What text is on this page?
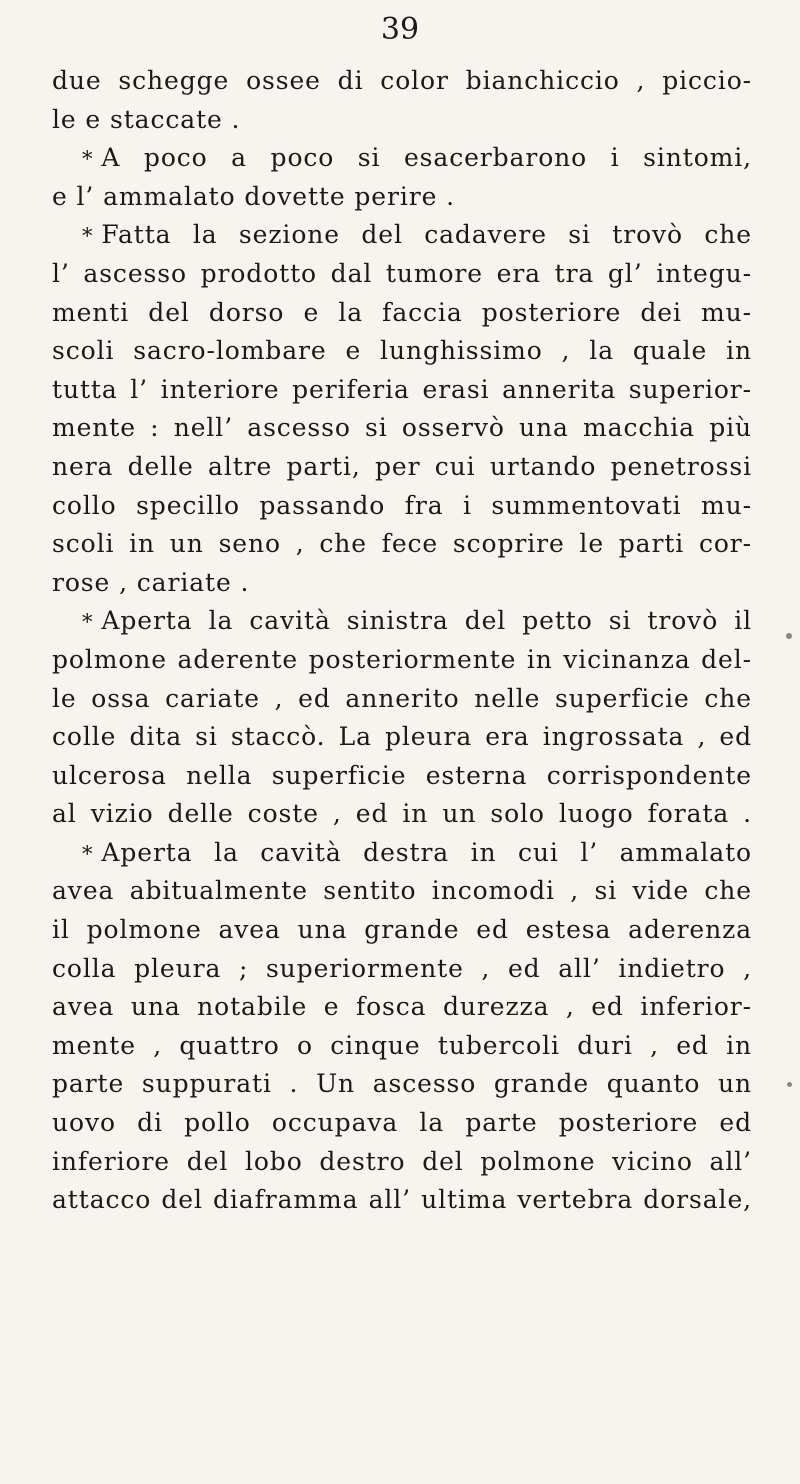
39
due schegge ossee di color bianchiccio , piccio-
le e staccate .
* A poco a poco si esacerbarono i sintomi,
e l’ ammalato dovette perire .
* Fatta la sezione del cadavere si trovò che
l’ ascesso prodotto dal tumore era tra gl’ integu-
menti del dorso e la faccia posteriore dei mu-
scoli sacro-lombare e lunghissimo , la quale in
tutta l’ interiore periferia erasi annerita superior-
mente : nell’ ascesso si osservò una macchia più
nera delle altre parti, per cui urtando penetrossi
collo specillo passando fra i summentovati mu-
scoli in un seno , che fece scoprire le parti cor-
rose , cariate .
* Aperta la cavità sinistra del petto si trovò il
polmone aderente posteriormente in vicinanza del-
le ossa cariate , ed annerito nelle superficie che
colle dita si staccò. La pleura era ingrossata , ed
ulcerosa nella superficie esterna corrispondente
al vizio delle coste , ed in un solo luogo forata .
* Aperta la cavità destra in cui l’ ammalato
avea abitualmente sentito incomodi , si vide che
il polmone avea una grande ed estesa aderenza
colla pleura ; superiormente , ed all’ indietro ,
avea una notabile e fosca durezza , ed inferior-
mente , quattro o cinque tubercoli duri , ed in
parte suppurati . Un ascesso grande quanto un
uovo di pollo occupava la parte posteriore ed
inferiore del lobo destro del polmone vicino all’
attacco del diaframma all’ ultima vertebra dorsale,
